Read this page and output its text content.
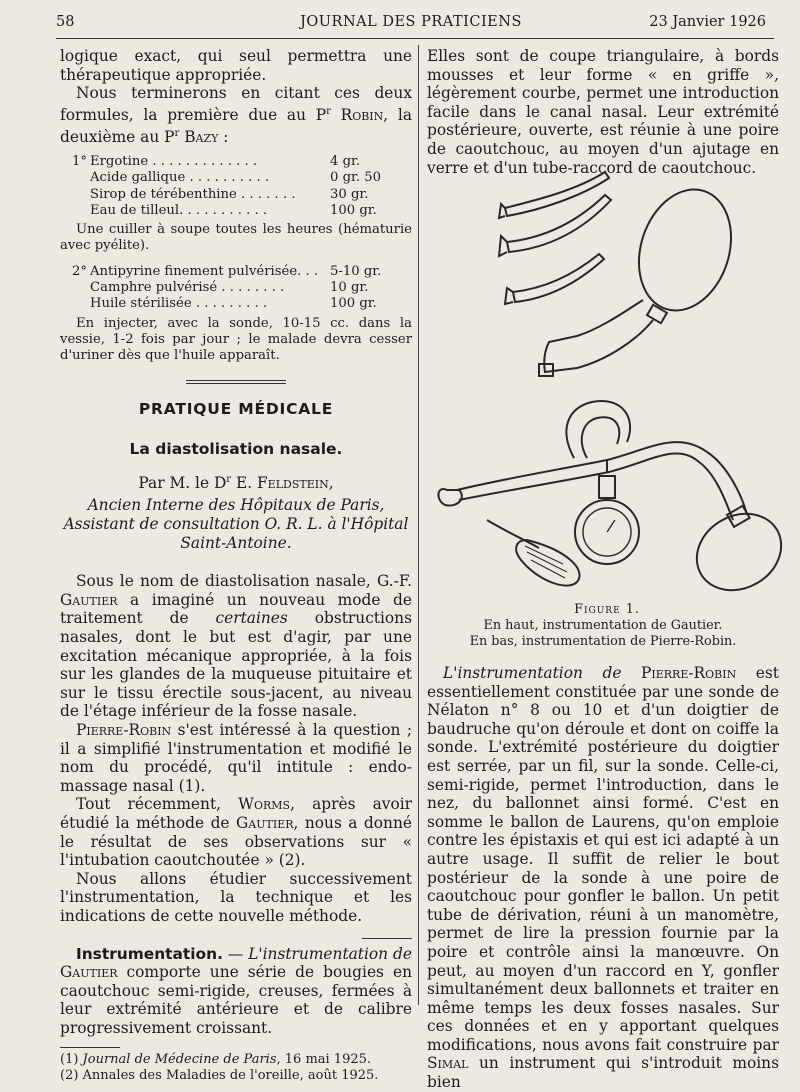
58	JOURNAL DES PRATICIENS	23 Janvier 1926

logique exact, qui seul permettra une thérapeutique appropriée.

Nous terminerons en citant ces deux formules, la première due au $P^r$ Robin, la deuxième au $P^r$ Bazy :

1° Ergotine . . . . . . . . . . . . .	4 gr.
Acide gallique . . . . . . . . . .	0 gr. 50
Sirop de térébenthine . . . . . . .	30 gr.
Eau de tilleul. . . . . . . . . . .	100 gr.

Une cuiller à soupe toutes les heures (hématurie avec pyélite).

2° Antipyrine finement pulvérisée. . . 5-10 gr.
Camphre pulvérisé . . . . . . . .	10 gr.
Huile stérilisée . . . . . . . . .	100 gr.

En injecter, avec la sonde, 10-15 cc. dans la vessie, 1-2 fois par jour ; le malade devra cesser d'uriner dès que l'huile apparaît.

PRATIQUE MÉDICALE
La diastolisation nasale.
Par M. le $D^r$ E. Feldstein,
Ancien Interne des Hôpitaux de Paris,
Assistant de consultation O. R. L. à l'Hôpital
Saint-Antoine.

Sous le nom de diastolisation nasale, G.-F. Gautier a imaginé un nouveau mode de traitement de certaines obstructions nasales, dont le but est d'agir, par une excitation mécanique appropriée, à la fois sur les glandes de la muqueuse pituitaire et sur le tissu érectile sous-jacent, au niveau de l'étage inférieur de la fosse nasale.

Pierre-Robin s'est intéressé à la question ; il a simplifié l'instrumentation et modifié le nom du procédé, qu'il intitule : endo-massage nasal (1).

Tout récemment, Worms, après avoir étudié la méthode de Gautier, nous a donné le résultat de ses observations sur « l'intubation caoutchoutée » (2).

Nous allons étudier successivement l'instrumentation, la technique et les indications de cette nouvelle méthode.

Instrumentation. — L'instrumentation de Gautier comporte une série de bougies en caoutchouc semi-rigide, creuses, fermées à leur extrémité antérieure et de calibre progressivement croissant.

(1) Journal de Médecine de Paris, 16 mai 1925.

(2) Annales des Maladies de l'oreille, août 1925.

Elles sont de coupe triangulaire, à bords mousses et leur forme « en griffe », légèrement courbe, permet une introduction facile dans le canal nasal. Leur extrémité postérieure, ouverte, est réunie à une poire de caoutchouc, au moyen d'un ajutage en verre et d'un tube-raccord de caoutchouc.

Figure 1.
En haut, instrumentation de Gautier.
En bas, instrumentation de Pierre-Robin.

L'instrumentation de Pierre-Robin est essentiellement constituée par une sonde de Nélaton n° 8 ou 10 et d'un doigtier de baudruche qu'on déroule et dont on coiffe la sonde. L'extrémité postérieure du doigtier est serrée, par un fil, sur la sonde. Celle-ci, semi-rigide, permet l'introduction, dans le nez, du ballonnet ainsi formé. C'est en somme le ballon de Laurens, qu'on emploie contre les épistaxis et qui est ici adapté à un autre usage. Il suffit de relier le bout postérieur de la sonde à une poire de caoutchouc pour gonfler le ballon. Un petit tube de dérivation, réuni à un manomètre, permet de lire la pression fournie par la poire et contrôle ainsi la manœuvre. On peut, au moyen d'un raccord en Y, gonfler simultanément deux ballonnets et traiter en même temps les deux fosses nasales. Sur ces données et en y apportant quelques modifications, nous avons fait construire par Simal un instrument qui s'introduit moins bien
